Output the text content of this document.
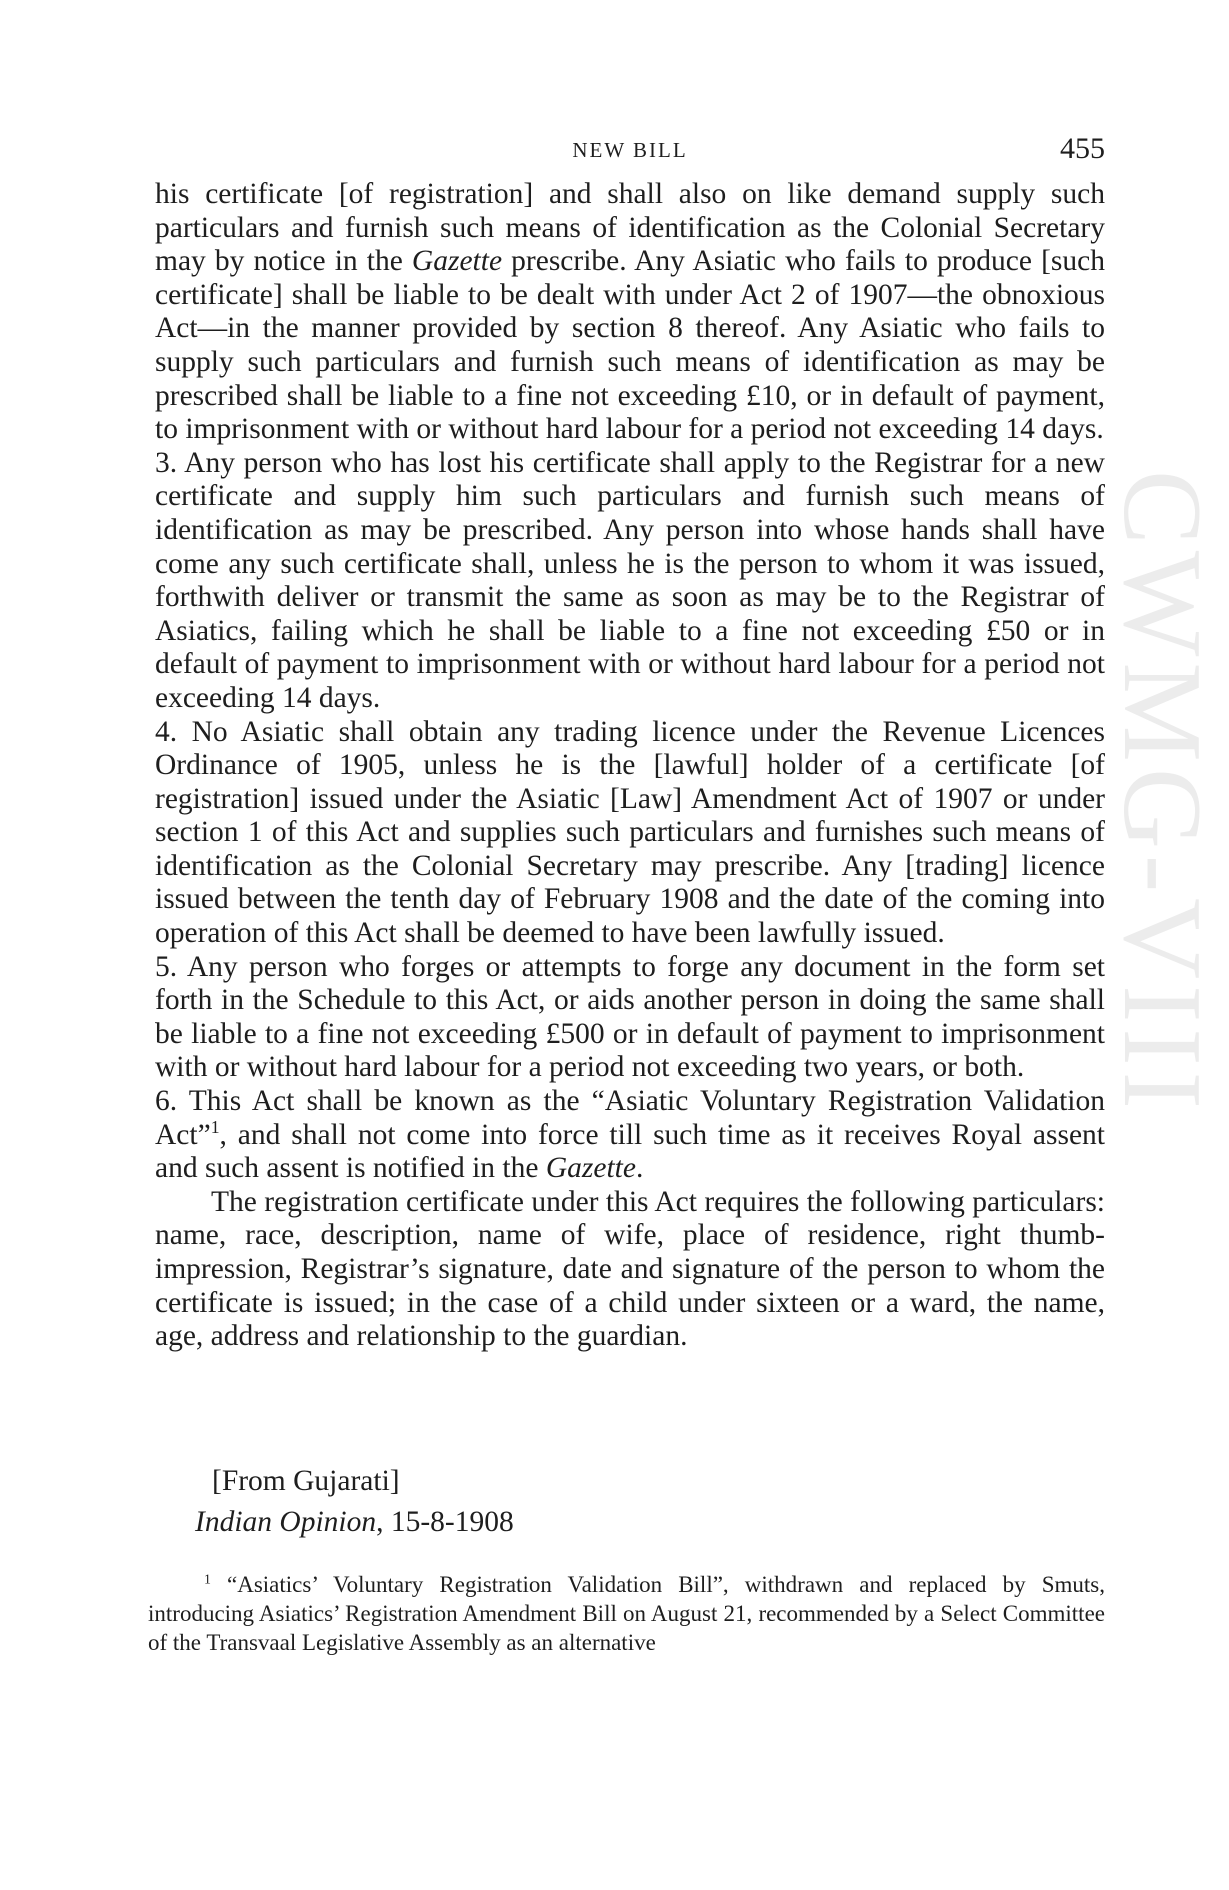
CWMG-VIII
NEW BILL	455

his certificate [of registration] and shall also on like demand supply such particulars and furnish such means of identification as the Colonial Secretary may by notice in the Gazette prescribe. Any Asiatic who fails to produce [such certificate] shall be liable to be dealt with under Act 2 of 1907—the obnoxious Act—in the manner provided by section 8 thereof. Any Asiatic who fails to supply such particulars and furnish such means of identification as may be prescribed shall be liable to a fine not exceeding £10, or in default of payment, to imprisonment with or without hard labour for a period not exceeding 14 days.

3. Any person who has lost his certificate shall apply to the Registrar for a new certificate and supply him such particulars and furnish such means of identification as may be prescribed. Any person into whose hands shall have come any such certificate shall, unless he is the person to whom it was issued, forthwith deliver or transmit the same as soon as may be to the Registrar of Asiatics, failing which he shall be liable to a fine not exceeding £50 or in default of payment to imprisonment with or without hard labour for a period not exceeding 14 days.

4. No Asiatic shall obtain any trading licence under the Revenue Licences Ordinance of 1905, unless he is the [lawful] holder of a certificate [of registration] issued under the Asiatic [Law] Amendment Act of 1907 or under section 1 of this Act and supplies such particulars and furnishes such means of identification as the Colonial Secretary may prescribe. Any [trading] licence issued between the tenth day of February 1908 and the date of the coming into operation of this Act shall be deemed to have been lawfully issued.

5. Any person who forges or attempts to forge any document in the form set forth in the Schedule to this Act, or aids another person in doing the same shall be liable to a fine not exceeding £500 or in default of payment to imprisonment with or without hard labour for a period not exceeding two years, or both.

6. This Act shall be known as the “Asiatic Voluntary Registration Validation Act”$^1$, and shall not come into force till such time as it receives Royal assent and such assent is notified in the Gazette.

The registration certificate under this Act requires the following particulars: name, race, description, name of wife, place of residence, right thumb-impression, Registrar’s signature, date and signature of the person to whom the certificate is issued; in the case of a child under sixteen or a ward, the name, age, address and relationship to the guardian.

[From Gujarati]
Indian Opinion, 15-8-1908

$^1$ “Asiatics’ Voluntary Registration Validation Bill”, withdrawn and replaced by Smuts, introducing Asiatics’ Registration Amendment Bill on August 21, recommended by a Select Committee of the Transvaal Legislative Assembly as an alternative
